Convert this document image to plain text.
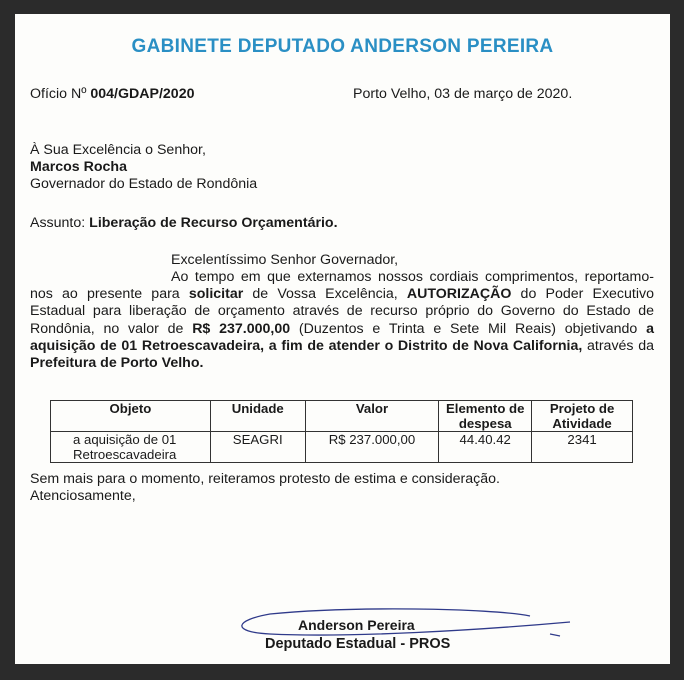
GABINETE DEPUTADO ANDERSON PEREIRA
Ofício Nº 004/GDAP/2020	Porto Velho, 03 de março de 2020.
À Sua Excelência o Senhor,
Marcos Rocha
Governador do Estado de Rondônia
Assunto: Liberação de Recurso Orçamentário.
Excelentíssimo Senhor Governador,
Ao tempo em que externamos nossos cordiais comprimentos, reportamo-nos ao presente para solicitar de Vossa Excelência, AUTORIZAÇÃO do Poder Executivo Estadual para liberação de orçamento através de recurso próprio do Governo do Estado de Rondônia, no valor de R$ 237.000,00 (Duzentos e Trinta e Sete Mil Reais) objetivando a aquisição de 01 Retroescavadeira, a fim de atender o Distrito de Nova California, através da Prefeitura de Porto Velho.
Objeto	Unidade	Valor	Elemento de despesa	Projeto de Atividade
a aquisição de 01 Retroescavadeira	SEAGRI	R$ 237.000,00	44.40.42	2341
Sem mais para o momento, reiteramos protesto de estima e consideração.
Atenciosamente,
Anderson Pereira
Deputado Estadual - PROS
